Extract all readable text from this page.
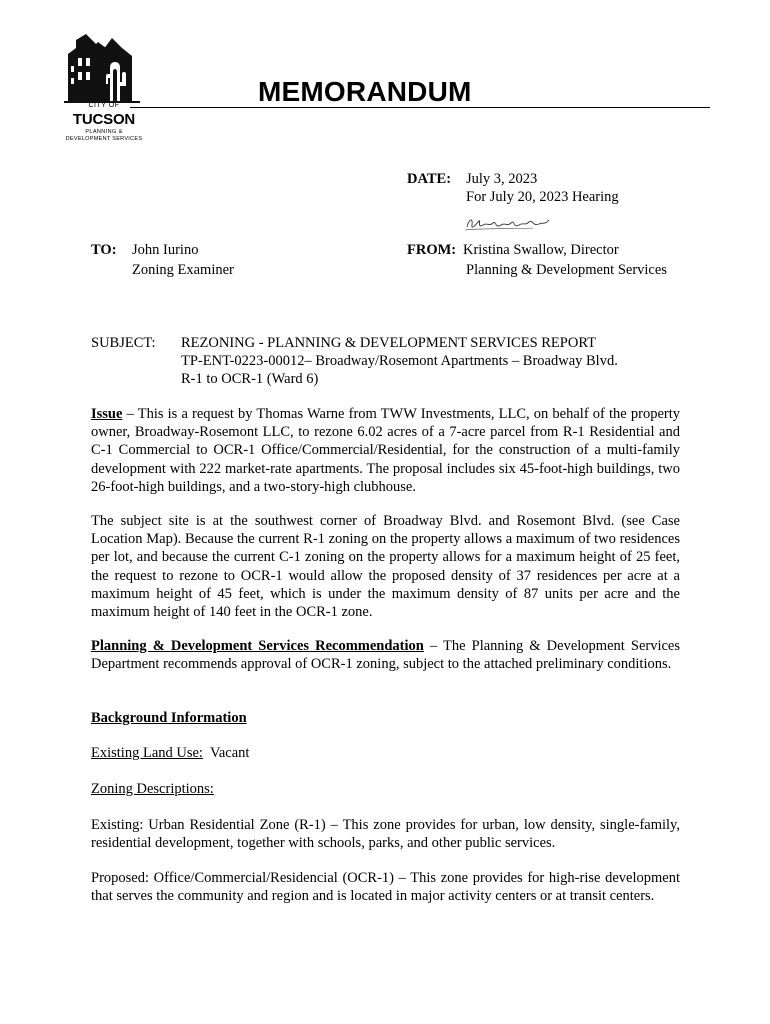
CITY OF
TUCSON
PLANNING &
DEVELOPMENT SERVICES
MEMORANDUM
DATE: July 3, 2023
For July 20, 2023 Hearing
TO: John Iurino
Zoning Examiner
FROM: Kristina Swallow, Director
Planning & Development Services
SUBJECT: REZONING - PLANNING & DEVELOPMENT SERVICES REPORT
TP-ENT-0223-00012– Broadway/Rosemont Apartments – Broadway Blvd.
R-1 to OCR-1 (Ward 6)
Issue – This is a request by Thomas Warne from TWW Investments, LLC, on behalf of the property owner, Broadway-Rosemont LLC, to rezone 6.02 acres of a 7-acre parcel from R-1 Residential and C-1 Commercial to OCR-1 Office/Commercial/Residential, for the construction of a multi-family development with 222 market-rate apartments. The proposal includes six 45-foot-high buildings, two 26-foot-high buildings, and a two-story-high clubhouse.
The subject site is at the southwest corner of Broadway Blvd. and Rosemont Blvd. (see Case Location Map). Because the current R-1 zoning on the property allows a maximum of two residences per lot, and because the current C-1 zoning on the property allows for a maximum height of 25 feet, the request to rezone to OCR-1 would allow the proposed density of 37 residences per acre at a maximum height of 45 feet, which is under the maximum density of 87 units per acre and the maximum height of 140 feet in the OCR-1 zone.
Planning & Development Services Recommendation – The Planning & Development Services Department recommends approval of OCR-1 zoning, subject to the attached preliminary conditions.
Background Information
Existing Land Use:  Vacant
Zoning Descriptions:
Existing: Urban Residential Zone (R-1) – This zone provides for urban, low density, single-family, residential development, together with schools, parks, and other public services.
Proposed: Office/Commercial/Residencial (OCR-1) – This zone provides for high-rise development that serves the community and region and is located in major activity centers or at transit centers.
